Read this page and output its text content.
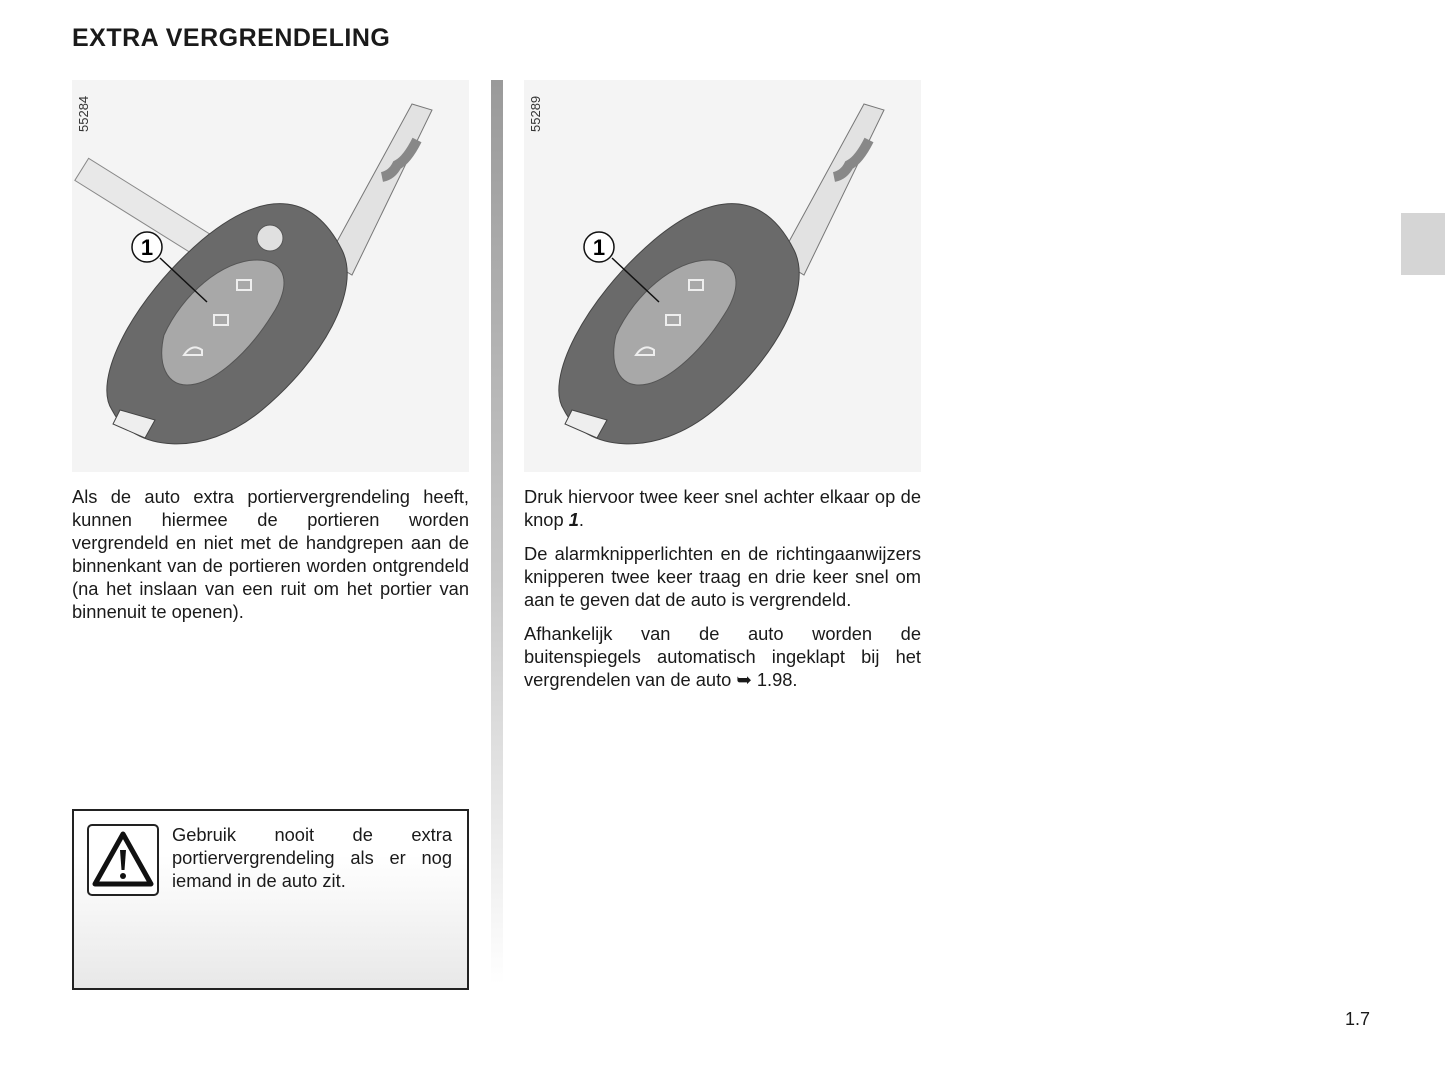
EXTRA VERGRENDELING
55284
1
55289
1

Als de auto extra portiervergrendeling heeft, kunnen hiermee de portieren worden vergrendeld en niet met de handgrepen aan de binnenkant van de portieren worden ontgrendeld (na het inslaan van een ruit om het portier van binnenuit te openen).

Gebruik nooit de extra portiervergrendeling als er nog iemand in de auto zit.

Druk hiervoor twee keer snel achter elkaar op de knop 1.

De alarmknipperlichten en de richtingaanwijzers knipperen twee keer traag en drie keer snel om aan te geven dat de auto is vergrendeld.

Afhankelijk van de auto worden de buitenspiegels automatisch ingeklapt bij het vergrendelen van de auto ➥ 1.98.

1.7
